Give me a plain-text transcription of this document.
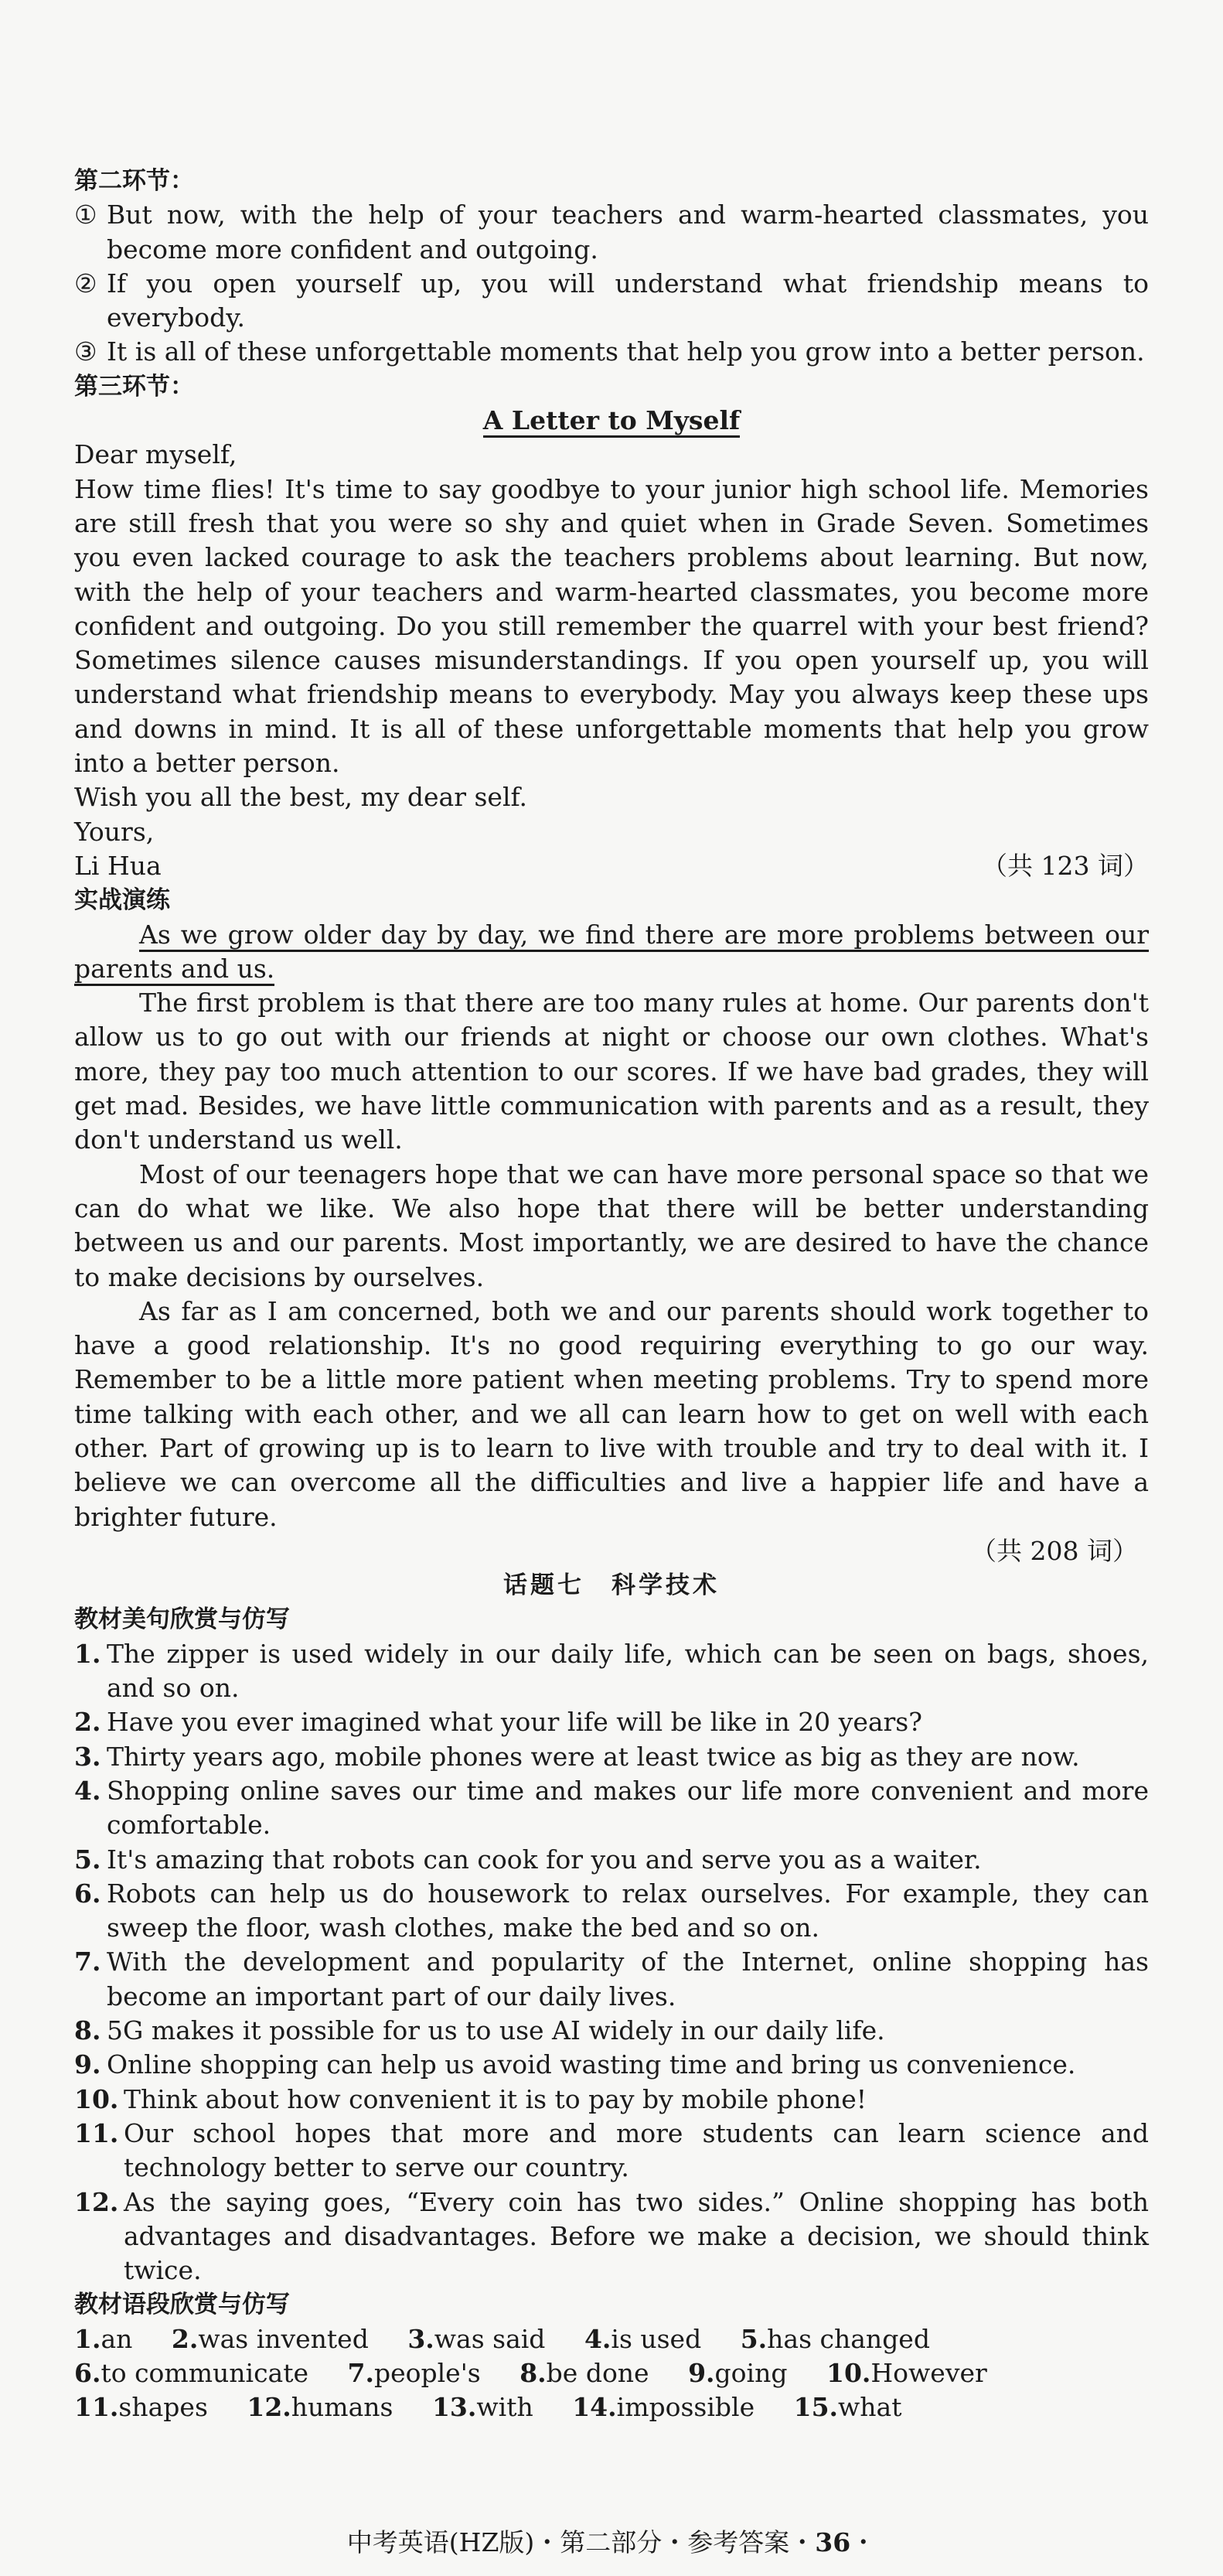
第二环节：
① But now, with the help of your teachers and warm-hearted classmates, you become more confident and outgoing.
② If you open yourself up, you will understand what friendship means to everybody.
③ It is all of these unforgettable moments that help you grow into a better person.
第三环节：
A Letter to Myself
Dear myself,
How time flies! It's time to say goodbye to your junior high school life. Memories are still fresh that you were so shy and quiet when in Grade Seven. Sometimes you even lacked courage to ask the teachers problems about learning. But now, with the help of your teachers and warm-hearted classmates, you become more confident and outgoing. Do you still remember the quarrel with your best friend? Sometimes silence causes misunderstandings. If you open yourself up, you will understand what friendship means to everybody. May you always keep these ups and downs in mind. It is all of these unforgettable moments that help you grow into a better person.
Wish you all the best, my dear self.
Yours,
Li Hua	（共 123 词）
实战演练
As we grow older day by day, we find there are more problems between our parents and us.
The first problem is that there are too many rules at home. Our parents don't allow us to go out with our friends at night or choose our own clothes. What's more, they pay too much attention to our scores. If we have bad grades, they will get mad. Besides, we have little communication with parents and as a result, they don't understand us well.
Most of our teenagers hope that we can have more personal space so that we can do what we like. We also hope that there will be better understanding between us and our parents. Most importantly, we are desired to have the chance to make decisions by ourselves.
As far as I am concerned, both we and our parents should work together to have a good relationship. It's no good requiring everything to go our way. Remember to be a little more patient when meeting problems. Try to spend more time talking with each other, and we all can learn how to get on well with each other. Part of growing up is to learn to live with trouble and try to deal with it. I believe we can overcome all the difficulties and live a happier life and have a brighter future.
（共 208 词）
话题七　科学技术
教材美句欣赏与仿写
1. The zipper is used widely in our daily life, which can be seen on bags, shoes, and so on.
2. Have you ever imagined what your life will be like in 20 years?
3. Thirty years ago, mobile phones were at least twice as big as they are now.
4. Shopping online saves our time and makes our life more convenient and more comfortable.
5. It's amazing that robots can cook for you and serve you as a waiter.
6. Robots can help us do housework to relax ourselves. For example, they can sweep the floor, wash clothes, make the bed and so on.
7. With the development and popularity of the Internet, online shopping has become an important part of our daily lives.
8. 5G makes it possible for us to use AI widely in our daily life.
9. Online shopping can help us avoid wasting time and bring us convenience.
10. Think about how convenient it is to pay by mobile phone!
11. Our school hopes that more and more students can learn science and technology better to serve our country.
12. As the saying goes, “Every coin has two sides.” Online shopping has both advantages and disadvantages. Before we make a decision, we should think twice.
教材语段欣赏与仿写
1.an 2.was invented 3.was said 4.is used 5.has changed
6.to communicate 7.people's 8.be done 9.going 10.However
11.shapes 12.humans 13.with 14.impossible 15.what
中考英语(HZ版)・第二部分・参考答案・36・
